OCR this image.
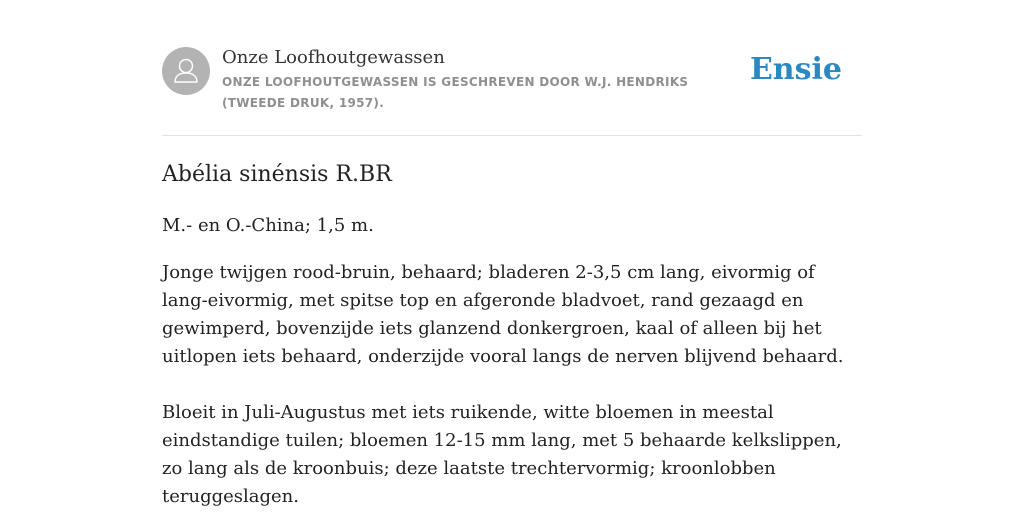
Onze Loofhoutgewassen
ONZE LOOFHOUTGEWASSEN IS GESCHREVEN DOOR W.J. HENDRIKS (TWEEDE DRUK, 1957).
Ensie
Abélia sinénsis R.BR

M.- en O.-China; 1,5 m.

Jonge twijgen rood-bruin, behaard; bladeren 2-3,5 cm lang, eivormig of lang-eivormig, met spitse top en afgeronde bladvoet, rand gezaagd en gewimperd, bovenzijde iets glanzend donkergroen, kaal of alleen bij het uitlopen iets behaard, onderzijde vooral langs de nerven blijvend behaard.

Bloeit in Juli-Augustus met iets ruikende, witte bloemen in meestal eindstandige tuilen; bloemen 12-15 mm lang, met 5 behaarde kelkslippen, zo lang als de kroonbuis; deze laatste trechtervormig; kroonlobben teruggeslagen.
